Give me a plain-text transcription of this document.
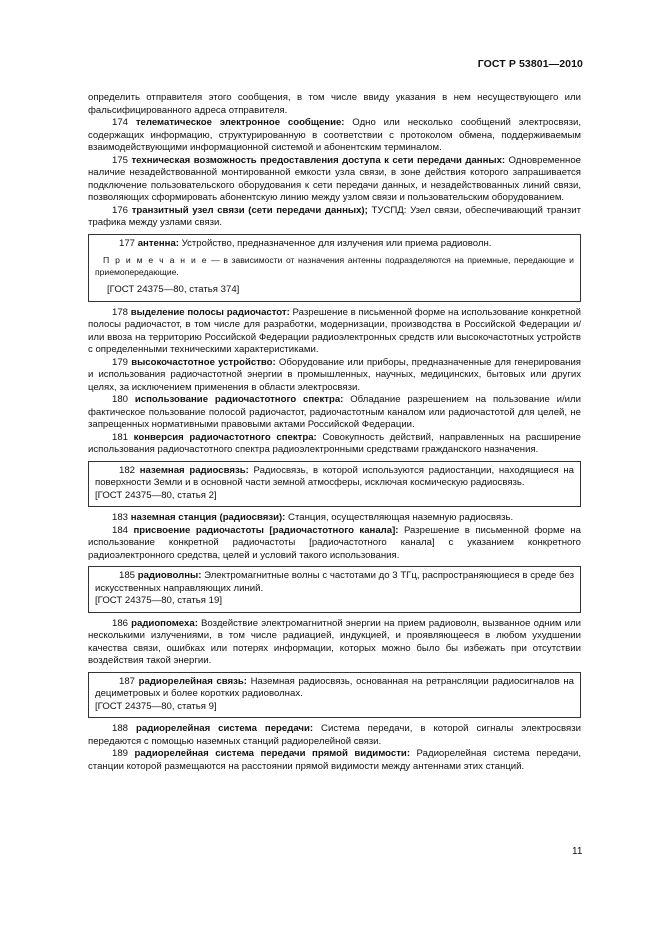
ГОСТ Р 53801—2010

определить отправителя этого сообщения, в том числе ввиду указания в нем несуществующего или фальсифицированного адреса отправителя.

174 телематическое электронное сообщение: Одно или несколько сообщений электросвязи, содержащих информацию, структурированную в соответствии с протоколом обмена, поддерживаемым взаимодействующими информационной системой и абонентским терминалом.

175 техническая возможность предоставления доступа к сети передачи данных: Одновременное наличие незадействованной монтированной емкости узла связи, в зоне действия которого запрашивается подключение пользовательского оборудования к сети передачи данных, и незадействованных линий связи, позволяющих сформировать абонентскую линию между узлом связи и пользовательским оборудованием.

176 транзитный узел связи (сети передачи данных); ТУСПД: Узел связи, обеспечивающий транзит трафика между узлами связи.

177 антенна: Устройство, предназначенное для излучения или приема радиоволн.

П р и м е ч а н и е — в зависимости от назначения антенны подразделяются на приемные, передающие и приемопередающие.

[ГОСТ 24375—80, статья 374]

178 выделение полосы радиочастот: Разрешение в письменной форме на использование конкретной полосы радиочастот, в том числе для разработки, модернизации, производства в Российской Федерации и/или ввоза на территорию Российской Федерации радиоэлектронных средств или высокочастотных устройств с определенными техническими характеристиками.

179 высокочастотное устройство: Оборудование или приборы, предназначенные для генерирования и использования радиочастотной энергии в промышленных, научных, медицинских, бытовых или других целях, за исключением применения в области электросвязи.

180 использование радиочастотного спектра: Обладание разрешением на пользование и/или фактическое пользование полосой радиочастот, радиочастотным каналом или радиочастотой для целей, не запрещенных нормативными правовыми актами Российской Федерации.

181 конверсия радиочастотного спектра: Совокупность действий, направленных на расширение использования радиочастотного спектра радиоэлектронными средствами гражданского назначения.

182 наземная радиосвязь: Радиосвязь, в которой используются радиостанции, находящиеся на поверхности Земли и в основной части земной атмосферы, исключая космическую радиосвязь.

[ГОСТ 24375—80, статья 2]

183 наземная станция (радиосвязи): Станция, осуществляющая наземную радиосвязь.

184 присвоение радиочастоты [радиочастотного канала]: Разрешение в письменной форме на использование конкретной радиочастоты [радиочастотного канала] с указанием конкретного радиоэлектронного средства, целей и условий такого использования.

185 радиоволны: Электромагнитные волны с частотами до 3 ТГц, распространяющиеся в среде без искусственных направляющих линий.

[ГОСТ 24375—80, статья 19]

186 радиопомеха: Воздействие электромагнитной энергии на прием радиоволн, вызванное одним или несколькими излучениями, в том числе радиацией, индукцией, и проявляющееся в любом ухудшении качества связи, ошибках или потерях информации, которых можно было бы избежать при отсутствии воздействия такой энергии.

187 радиорелейная связь: Наземная радиосвязь, основанная на ретрансляции радиосигналов на дециметровых и более коротких радиоволнах.

[ГОСТ 24375—80, статья 9]

188 радиорелейная система передачи: Система передачи, в которой сигналы электросвязи передаются с помощью наземных станций радиорелейной связи.

189 радиорелейная система передачи прямой видимости: Радиорелейная система передачи, станции которой размещаются на расстоянии прямой видимости между антеннами этих станций.

11
